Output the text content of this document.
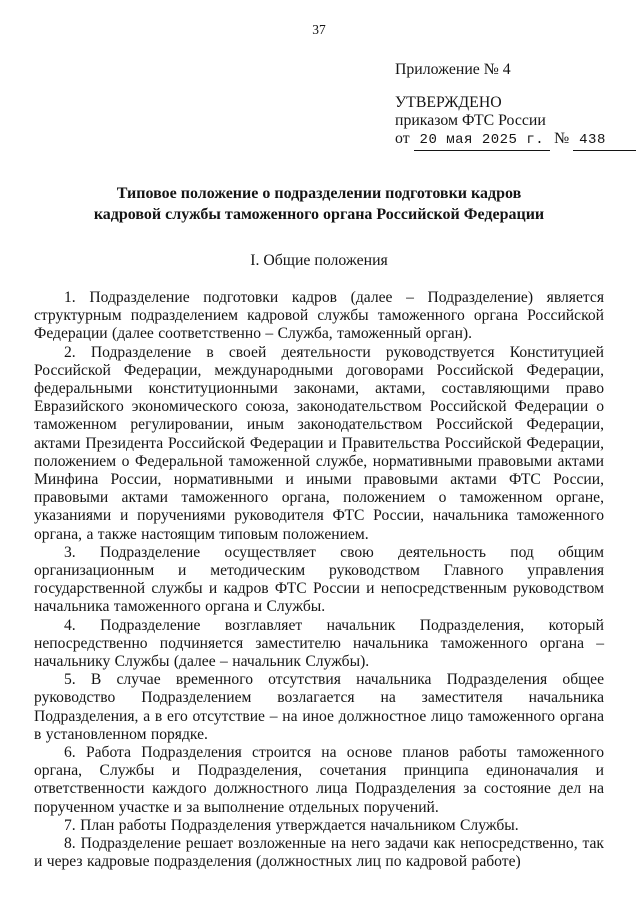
37
Приложение № 4
УТВЕРЖДЕНО
приказом ФТС России
от 20 мая 2025 г. № 438
Типовое положение о подразделении подготовки кадров
кадровой службы таможенного органа Российской Федерации
I. Общие положения

1. Подразделение подготовки кадров (далее – Подразделение) является структурным подразделением кадровой службы таможенного органа Российской Федерации (далее соответственно – Служба, таможенный орган).

2. Подразделение в своей деятельности руководствуется Конституцией Российской Федерации, международными договорами Российской Федерации, федеральными конституционными законами, актами, составляющими право Евразийского экономического союза, законодательством Российской Федерации о таможенном регулировании, иным законодательством Российской Федерации, актами Президента Российской Федерации и Правительства Российской Федерации, положением о Федеральной таможенной службе, нормативными правовыми актами Минфина России, нормативными и иными правовыми актами ФТС России, правовыми актами таможенного органа, положением о таможенном органе, указаниями и поручениями руководителя ФТС России, начальника таможенного органа, а также настоящим типовым положением.

3. Подразделение осуществляет свою деятельность под общим организационным и методическим руководством Главного управления государственной службы и кадров ФТС России и непосредственным руководством начальника таможенного органа и Службы.

4. Подразделение возглавляет начальник Подразделения, который непосредственно подчиняется заместителю начальника таможенного органа – начальнику Службы (далее – начальник Службы).

5. В случае временного отсутствия начальника Подразделения общее руководство Подразделением возлагается на заместителя начальника Подразделения, а в его отсутствие – на иное должностное лицо таможенного органа в установленном порядке.

6. Работа Подразделения строится на основе планов работы таможенного органа, Службы и Подразделения, сочетания принципа единоначалия и ответственности каждого должностного лица Подразделения за состояние дел на порученном участке и за выполнение отдельных поручений.

7. План работы Подразделения утверждается начальником Службы.

8. Подразделение решает возложенные на него задачи как непосредственно, так и через кадровые подразделения (должностных лиц по кадровой работе)
